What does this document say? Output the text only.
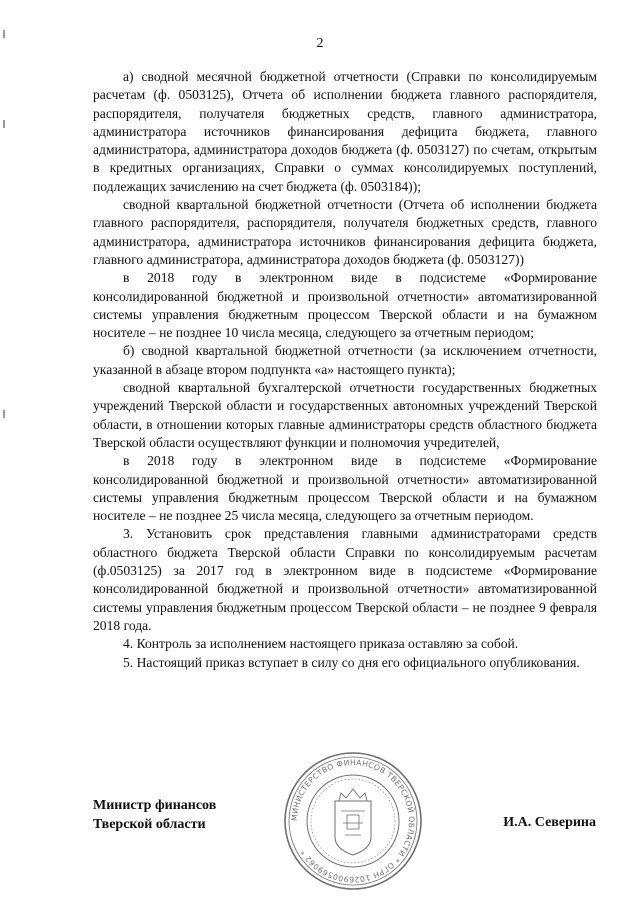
2

а) сводной месячной бюджетной отчетности (Справки по консолидируемым расчетам (ф. 0503125), Отчета об исполнении бюджета главного распорядителя, распорядителя, получателя бюджетных средств, главного администратора, администратора источников финансирования дефицита бюджета, главного администратора, администратора доходов бюджета (ф. 0503127) по счетам, открытым в кредитных организациях, Справки о суммах консолидируемых поступлений, подлежащих зачислению на счет бюджета (ф. 0503184));

сводной квартальной бюджетной отчетности (Отчета об исполнении бюджета главного распорядителя, распорядителя, получателя бюджетных средств, главного администратора, администратора источников финансирования дефицита бюджета, главного администратора, администратора доходов бюджета (ф. 0503127))

в 2018 году в электронном виде в подсистеме «Формирование консолидированной бюджетной и произвольной отчетности» автоматизированной системы управления бюджетным процессом Тверской области и на бумажном носителе – не позднее 10 числа месяца, следующего за отчетным периодом;

б) сводной квартальной бюджетной отчетности (за исключением отчетности, указанной в абзаце втором подпункта «а» настоящего пункта);

сводной квартальной бухгалтерской отчетности государственных бюджетных учреждений Тверской области и государственных автономных учреждений Тверской области, в отношении которых главные администраторы средств областного бюджета Тверской области осуществляют функции и полномочия учредителей,

в 2018 году в электронном виде в подсистеме «Формирование консолидированной бюджетной и произвольной отчетности» автоматизированной системы управления бюджетным процессом Тверской области и на бумажном носителе – не позднее 25 числа месяца, следующего за отчетным периодом.

3. Установить срок представления главными администраторами средств областного бюджета Тверской области Справки по консолидируемым расчетам (ф.0503125) за 2017 год в электронном виде в подсистеме «Формирование консолидированной бюджетной и произвольной отчетности» автоматизированной системы управления бюджетным процессом Тверской области – не позднее 9 февраля 2018 года.

4. Контроль за исполнением настоящего приказа оставляю за собой.

5. Настоящий приказ вступает в силу со дня его официального опубликования.

Министр финансов
Тверской области	И.А. Северина
МИНИСТЕРСТВО ФИНАНСОВ ТВЕРСКОЙ ОБЛАСТИ * ОГРН 1026900569062 *
